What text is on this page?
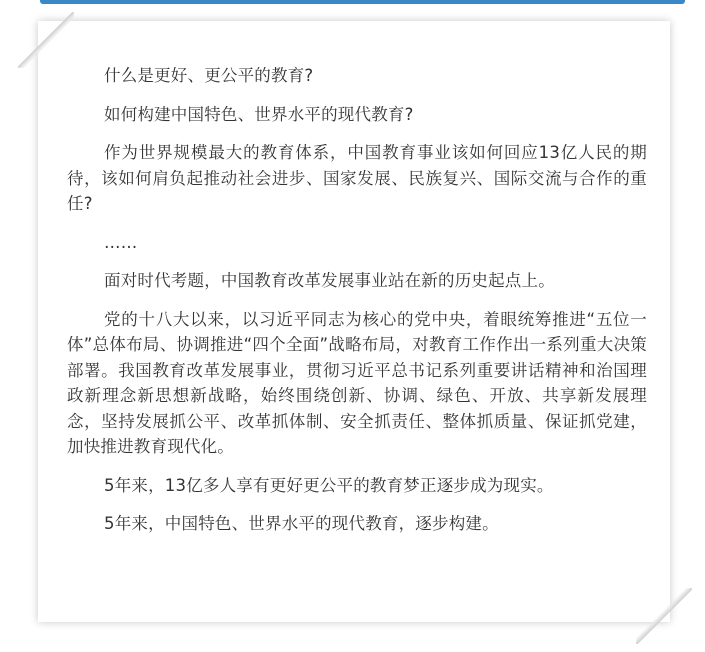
什么是更好、更公平的教育?

如何构建中国特色、世界水平的现代教育?

作为世界规模最大的教育体系，中国教育事业该如何回应13亿人民的期待，该如何肩负起推动社会进步、国家发展、民族复兴、国际交流与合作的重任?

……

面对时代考题，中国教育改革发展事业站在新的历史起点上。

党的十八大以来，以习近平同志为核心的党中央，着眼统筹推进“五位一体”总体布局、协调推进“四个全面”战略布局，对教育工作作出一系列重大决策部署。我国教育改革发展事业，贯彻习近平总书记系列重要讲话精神和治国理政新理念新思想新战略，始终围绕创新、协调、绿色、开放、共享新发展理念，坚持发展抓公平、改革抓体制、安全抓责任、整体抓质量、保证抓党建，加快推进教育现代化。

5年来，13亿多人享有更好更公平的教育梦正逐步成为现实。

5年来，中国特色、世界水平的现代教育，逐步构建。
